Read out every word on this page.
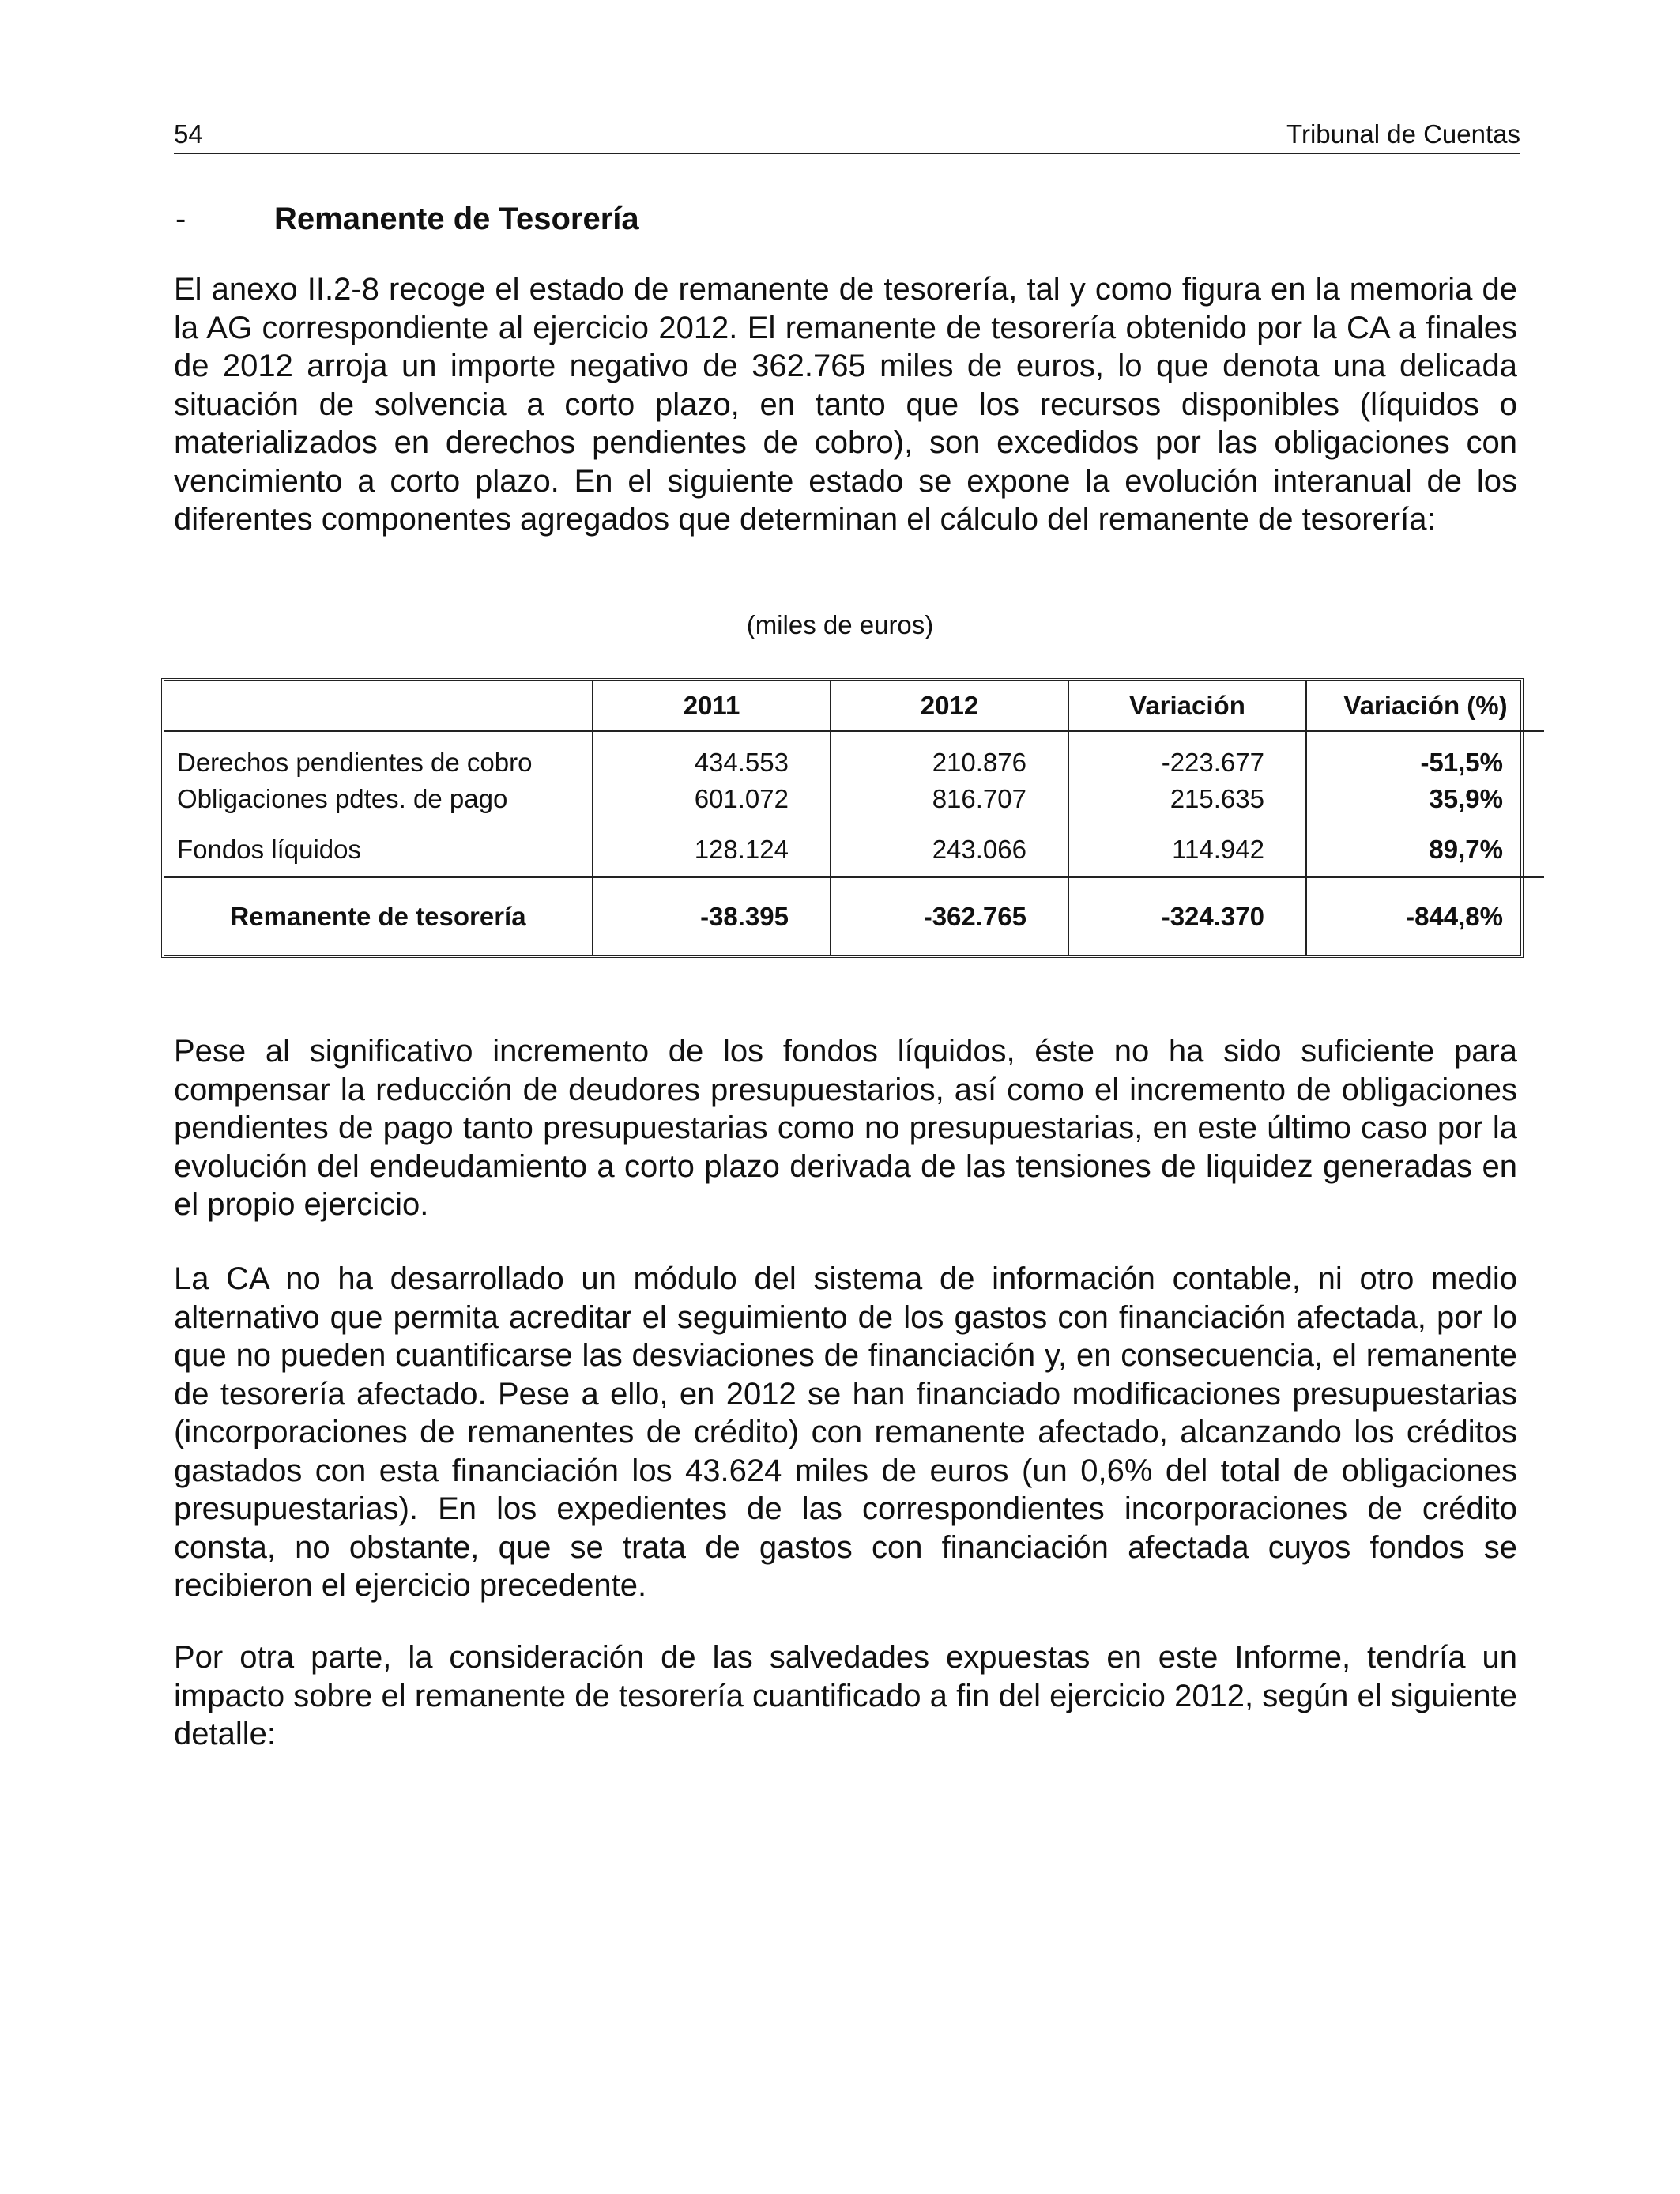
54	Tribunal de Cuentas
-	Remanente de Tesorería

El anexo II.2-8 recoge el estado de remanente de tesorería, tal y como figura en la memoria de la AG correspondiente al ejercicio 2012. El remanente de tesorería obtenido por la CA a finales de 2012 arroja un importe negativo de 362.765 miles de euros, lo que denota una delicada situación de solvencia a corto plazo, en tanto que los recursos disponibles (líquidos o materializados en derechos pendientes de cobro), son excedidos por las obligaciones con vencimiento a corto plazo. En el siguiente estado se expone la evolución interanual de los diferentes componentes agregados que determinan el cálculo del remanente de tesorería:

(miles de euros)
	2011	2012	Variación	Variación (%)
Derechos pendientes de cobro	434.553	210.876	-223.677	-51,5%
Obligaciones pdtes. de pago	601.072	816.707	215.635	35,9%
Fondos líquidos	128.124	243.066	114.942	89,7%
Remanente de tesorería	-38.395	-362.765	-324.370	-844,8%

Pese al significativo incremento de los fondos líquidos, éste no ha sido suficiente para compensar la reducción de deudores presupuestarios, así como el incremento de obligaciones pendientes de pago tanto presupuestarias como no presupuestarias, en este último caso por la evolución del endeudamiento a corto plazo derivada de las tensiones de liquidez generadas en el propio ejercicio.

La CA no ha desarrollado un módulo del sistema de información contable, ni otro medio alternativo que permita acreditar el seguimiento de los gastos con financiación afectada, por lo que no pueden cuantificarse las desviaciones de financiación y, en consecuencia, el remanente de tesorería afectado. Pese a ello, en 2012 se han financiado modificaciones presupuestarias (incorporaciones de remanentes de crédito) con remanente afectado, alcanzando los créditos gastados con esta financiación los 43.624 miles de euros (un 0,6% del total de obligaciones presupuestarias). En los expedientes de las correspondientes incorporaciones de crédito consta, no obstante, que se trata de gastos con financiación afectada cuyos fondos se recibieron el ejercicio precedente.

Por otra parte, la consideración de las salvedades expuestas en este Informe, tendría un impacto sobre el remanente de tesorería cuantificado a fin del ejercicio 2012, según el siguiente detalle:
